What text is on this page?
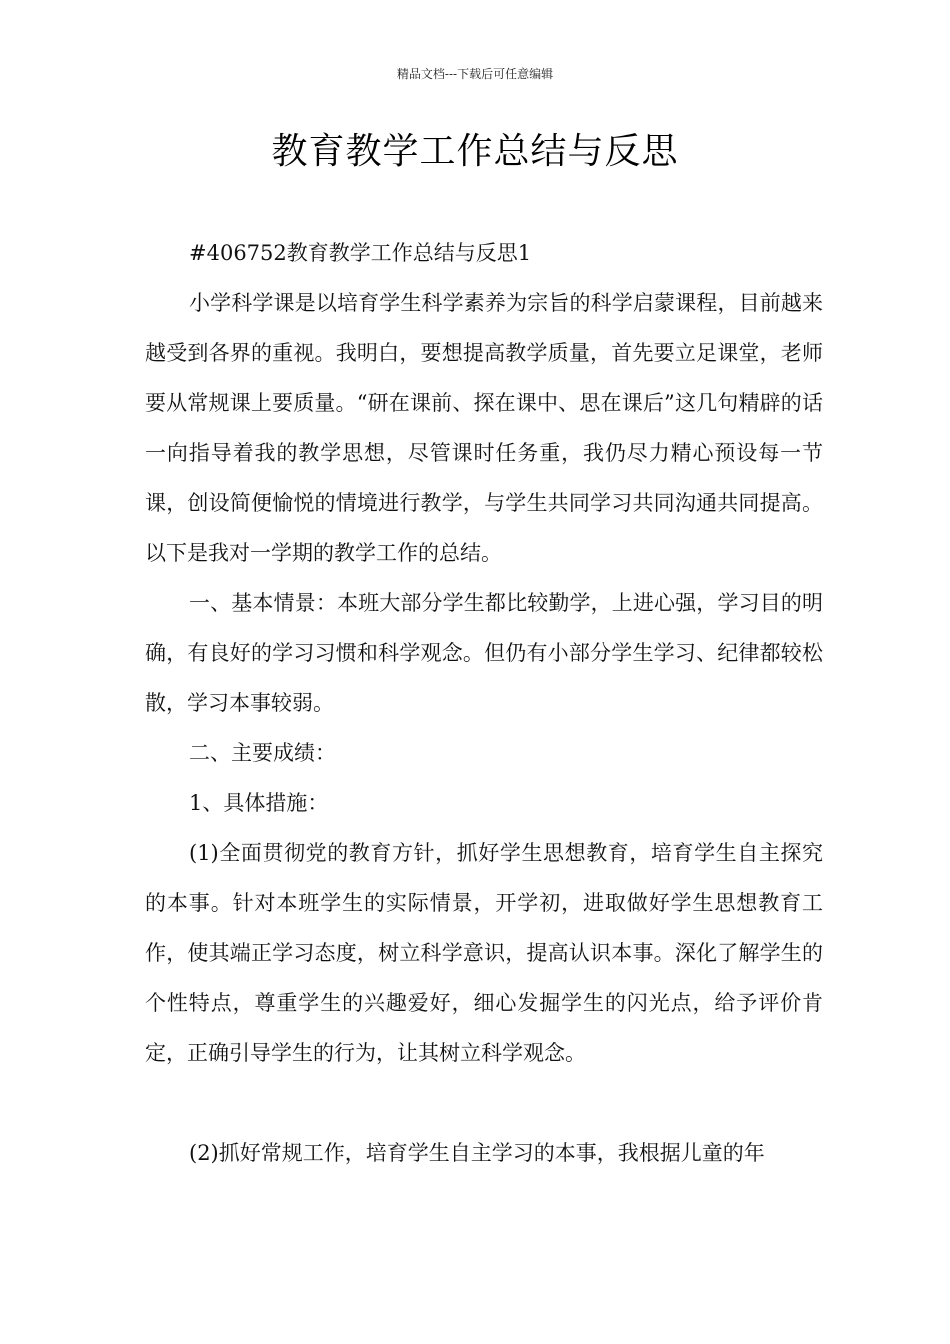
精品文档---下载后可任意编辑
教育教学工作总结与反思

#406752教育教学工作总结与反思1

小学科学课是以培育学生科学素养为宗旨的科学启蒙课程，目前越来越受到各界的重视。我明白，要想提高教学质量，首先要立足课堂，老师要从常规课上要质量。“研在课前、探在课中、思在课后”这几句精辟的话一向指导着我的教学思想，尽管课时任务重，我仍尽力精心预设每一节课，创设简便愉悦的情境进行教学，与学生共同学习共同沟通共同提高。以下是我对一学期的教学工作的总结。

一、基本情景：本班大部分学生都比较勤学，上进心强，学习目的明确，有良好的学习习惯和科学观念。但仍有小部分学生学习、纪律都较松散，学习本事较弱。

二、主要成绩：

1、具体措施：

(1)全面贯彻党的教育方针，抓好学生思想教育，培育学生自主探究的本事。针对本班学生的实际情景，开学初，进取做好学生思想教育工作，使其端正学习态度，树立科学意识，提高认识本事。深化了解学生的个性特点，尊重学生的兴趣爱好，细心发掘学生的闪光点，给予评价肯定，正确引导学生的行为，让其树立科学观念。

(2)抓好常规工作，培育学生自主学习的本事，我根据儿童的年
